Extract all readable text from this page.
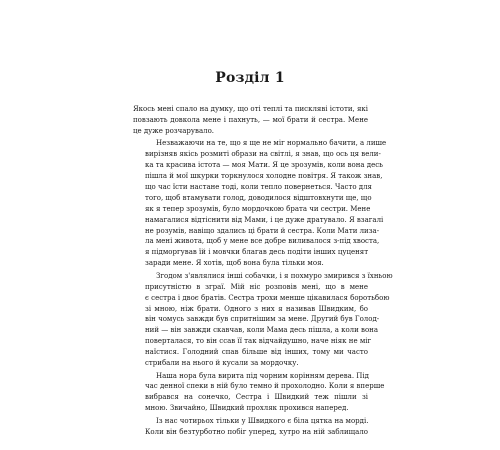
Розділ 1

Якось мені спало на думку, що оті теплі та пискляві істоти, які
повзають довкола мене і пахнуть, — мої брати й сестра. Мене
це дуже розчарувало.

Незважаючи на те, що я ще не міг нормально бачити, а лише
вирізняв якісь розмиті образи на світлі, я знав, що ось ця вели-
ка та красива істота — моя Мати. Я це зрозумів, коли вона десь
пішла й мої шкурки торкнулося холодне повітря. Я також знав,
що час їсти настане тоді, коли тепло повернеться. Часто для
того, щоб втамувати голод, доводилося відштовхнути ще, що
як я тепер зрозумів, було мордочкою брата чи сестри. Мене
намагалися відтіснити від Мами, і це дуже дратувало. Я взагалі
не розумів, навіщо здались ці брати й сестра. Коли Мати лиза-
ла мені живота, щоб у мене все добре виливалося з-під хвоста,
я підморгував їй і мовчки благав десь подіти інших цуценят
заради мене. Я хотів, щоб вона була тільки моя.

Згодом з'являлися інші собачки, і я похмуро змирився з їхньою
присутністю в зграї. Мій ніс розповів мені, що в мене
є сестра і двоє братів. Сестра трохи менше цікавилася боротьбою
зі мною, ніж брати. Одного з них я називав Швидким, бо
він чомусь завжди був спритнішим за мене. Другий був Голод-
ний — він завжди скавчав, коли Мама десь пішла, а коли вона
поверталася, то він ссав її так відчайдушно, наче ніяк не міг
наїстися. Голодний спав більше від інших, тому ми часто
стрибали на нього й кусали за мордочку.

Наша нора була вирита під чорним корінням дерева. Під
час денної спеки в ній було темно й прохолодно. Коли я вперше
вибрався на сонечко, Сестра і Швидкий теж пішли зі
мною. Звичайно, Швидкий прохляк прохився наперед.

Із нас чотирьох тільки у Швидкого є біла цятка на морді.
Коли він безтурботно побіг уперед, хутро на ній заблищало
